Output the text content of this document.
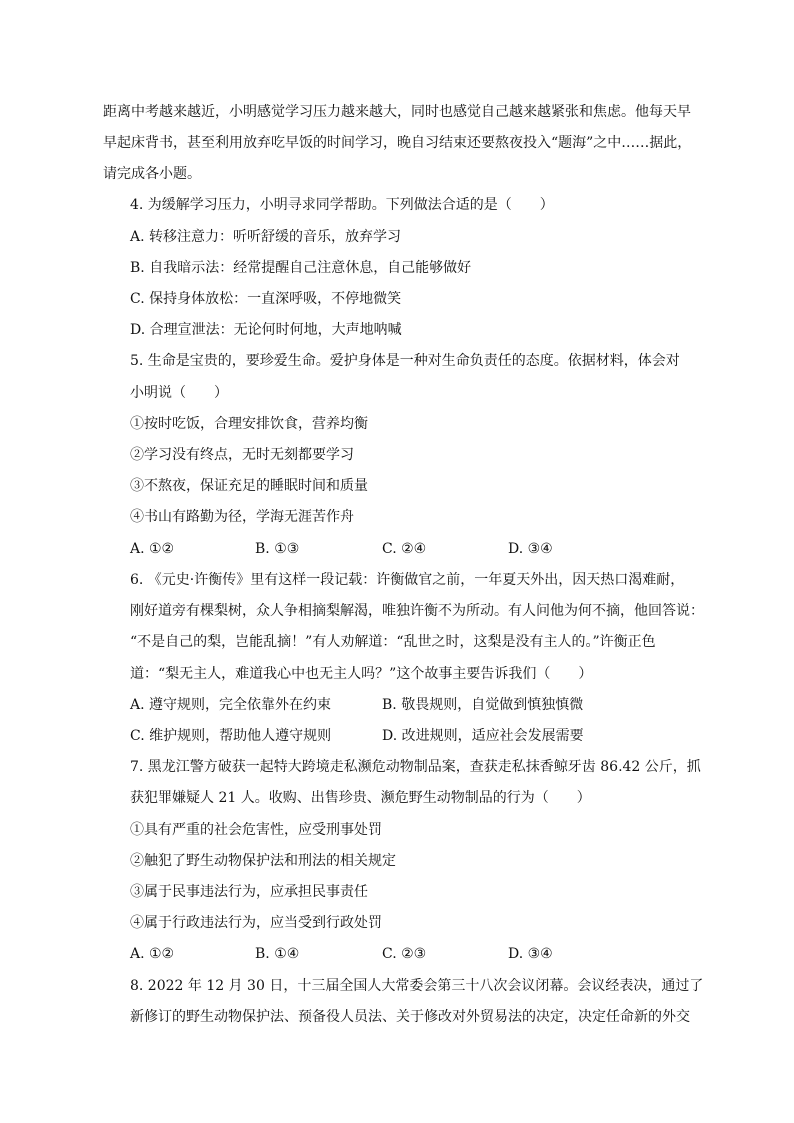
距离中考越来越近，小明感觉学习压力越来越大，同时也感觉自己越来越紧张和焦虑。他每天早
早起床背书，甚至利用放弃吃早饭的时间学习，晚自习结束还要熬夜投入“题海”之中……据此，
请完成各小题。
4. 为缓解学习压力，小明寻求同学帮助。下列做法合适的是（　　）
A. 转移注意力：听听舒缓的音乐，放弃学习
B. 自我暗示法：经常提醒自己注意休息，自己能够做好
C. 保持身体放松：一直深呼吸，不停地微笑
D. 合理宣泄法：无论何时何地，大声地呐喊
5. 生命是宝贵的，要珍爱生命。爱护身体是一种对生命负责任的态度。依据材料，体会对
小明说（　　）
①按时吃饭，合理安排饮食，营养均衡
②学习没有终点，无时无刻都要学习
③不熬夜，保证充足的睡眠时间和质量
④书山有路勤为径，学海无涯苦作舟
A. ①②	B. ①③	C. ②④	D. ③④
6. 《元史·许衡传》里有这样一段记载：许衡做官之前，一年夏天外出，因天热口渴难耐，
刚好道旁有棵梨树，众人争相摘梨解渴，唯独许衡不为所动。有人问他为何不摘，他回答说：
“不是自己的梨，岂能乱摘！”有人劝解道：“乱世之时，这梨是没有主人的。”许衡正色
道：“梨无主人，难道我心中也无主人吗？”这个故事主要告诉我们（　　）
A. 遵守规则，完全依靠外在约束	B. 敬畏规则，自觉做到慎独慎微
C. 维护规则，帮助他人遵守规则	D. 改进规则，适应社会发展需要
7. 黑龙江警方破获一起特大跨境走私濒危动物制品案，查获走私抹香鲸牙齿 86.42 公斤，抓
获犯罪嫌疑人 21 人。收购、出售珍贵、濒危野生动物制品的行为（　　）
①具有严重的社会危害性，应受刑事处罚
②触犯了野生动物保护法和刑法的相关规定
③属于民事违法行为，应承担民事责任
④属于行政违法行为，应当受到行政处罚
A. ①②	B. ①④	C. ②③	D. ③④
8. 2022 年 12 月 30 日，十三届全国人大常委会第三十八次会议闭幕。会议经表决，通过了
新修订的野生动物保护法、预备役人员法、关于修改对外贸易法的决定，决定任命新的外交
